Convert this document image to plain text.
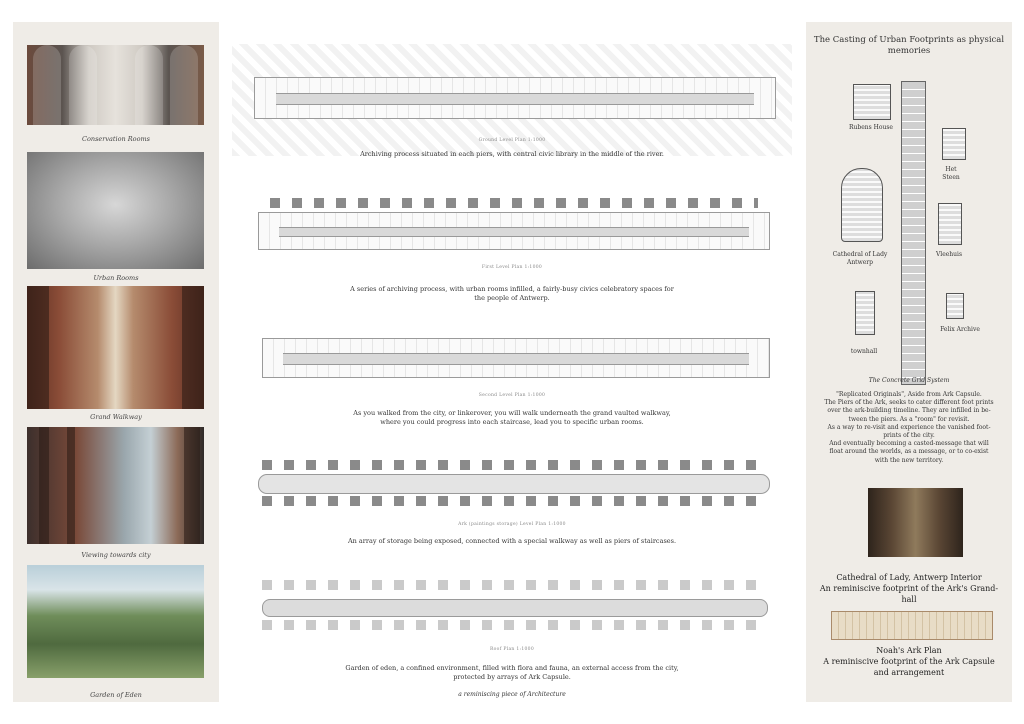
Conservation Rooms
Urban Rooms
Grand Walkway
Viewing towards city
Garden of Eden
Ground Level Plan 1:1000
Archiving process situated in each piers, with central civic library in the middle of the river.
First Level Plan 1:1000
A series of archiving process, with urban rooms infilled, a fairly-busy civics celebratory spaces for
the people of Antwerp.
Second Level Plan 1:1000
As you walked from the city, or linkerover, you will walk underneath the grand vaulted walkway,
where you could progress into each staircase, lead you to specific urban rooms.
Ark (paintings storage) Level Plan 1:1000
An array of storage being exposed, connected with a special walkway as well as piers of staircases.
Roof Plan 1:1000
Garden of eden, a confined environment, filled with flora and fauna, an external access from the city,
protected by arrays of Ark Capsule.
a reminiscing piece of Architecture
The Casting of Urban Footprints as physical
memories
Rubens House
Het
Steen
Cathedral of Lady
Antwerp
Vleehuis
Felix Archive
townhall
The Concrete Grid System
"Replicated Originals", Aside from Ark Capsule.
The Piers of the Ark, seeks to cater different foot prints
over the ark-building timeline. They are infilled in be-
tween the piers. As a "room" for revisit.
As a way to re-visit and experience the vanished foot-
prints of the city.
And eventually becoming a casted-message that will
float around the worlds, as a message, or to co-exist
with the new territory.
Cathedral of Lady, Antwerp Interior
An reminiscive footprint of the Ark's Grand-
hall
Noah's Ark Plan
A reminiscive footprint of the Ark Capsule
and arrangement
